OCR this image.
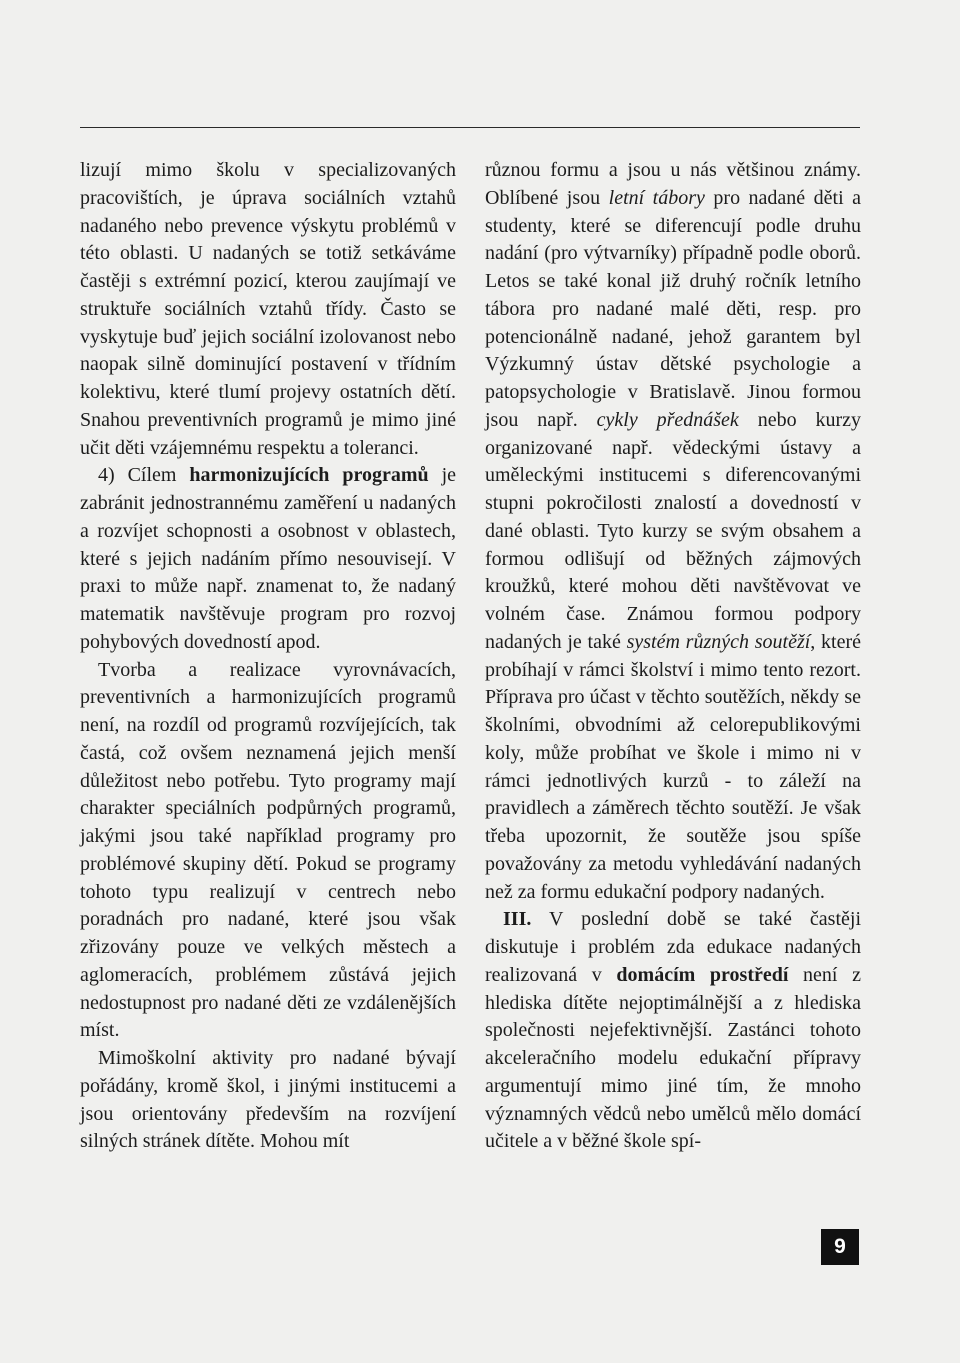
lizují mimo školu v specializovaných pracovištích, je úprava sociálních vztahů nadaného nebo prevence výskytu problémů v této oblasti. U nadaných se totiž setkáváme častěji s extrémní pozicí, kterou zaujímají ve struktuře sociálních vztahů třídy. Často se vyskytuje buď jejich sociální izolovanost nebo naopak silně dominující postavení v třídním kolektivu, které tlumí projevy ostatních dětí. Snahou preventivních programů je mimo jiné učit děti vzájemnému respektu a toleranci.

4) Cílem harmonizujících programů je zabránit jednostrannému zaměření u nadaných a rozvíjet schopnosti a osobnost v oblastech, které s jejich nadáním přímo nesouvisejí. V praxi to může např. znamenat to, že nadaný matematik navštěvuje program pro rozvoj pohybových dovedností apod.

Tvorba a realizace vyrovnávacích, preventivních a harmonizujících programů není, na rozdíl od programů rozvíjejících, tak častá, což ovšem neznamená jejich menší důležitost nebo potřebu. Tyto programy mají charakter speciálních podpůrných programů, jakými jsou také například programy pro problémové skupiny dětí. Pokud se programy tohoto typu realizují v centrech nebo poradnách pro nadané, které jsou však zřizovány pouze ve velkých městech a aglomeracích, problémem zůstává jejich nedostupnost pro nadané děti ze vzdálenějších míst.

Mimoškolní aktivity pro nadané bývají pořádány, kromě škol, i jinými institucemi a jsou orientovány především na rozvíjení silných stránek dítěte. Mohou mít

různou formu a jsou u nás většinou známy. Oblíbené jsou letní tábory pro nadané děti a studenty, které se diferencují podle druhu nadání (pro výtvarníky) případně podle oborů. Letos se také konal již druhý ročník letního tábora pro nadané malé děti, resp. pro potencionálně nadané, jehož garantem byl Výzkumný ústav dětské psychologie a patopsychologie v Bratislavě. Jinou formou jsou např. cykly přednášek nebo kurzy organizované např. vědeckými ústavy a uměleckými institucemi s diferencovanými stupni pokročilosti znalostí a dovedností v dané oblasti. Tyto kurzy se svým obsahem a formou odlišují od běžných zájmových kroužků, které mohou děti navštěvovat ve volném čase. Známou formou podpory nadaných je také systém různých soutěží, které probíhají v rámci školství i mimo tento rezort. Příprava pro účast v těchto soutěžích, někdy se školními, obvodními až celorepublikovými koly, může probíhat ve škole i mimo ni v rámci jednotlivých kurzů - to záleží na pravidlech a záměrech těchto soutěží. Je však třeba upozornit, že soutěže jsou spíše považovány za metodu vyhledávání nadaných než za formu edukační podpory nadaných.

III. V poslední době se také častěji diskutuje i problém zda edukace nadaných realizovaná v domácím prostředí není z hlediska dítěte nejoptimálnější a z hlediska společnosti nejefektivnější. Zastánci tohoto akceleračního modelu edukační přípravy argumentují mimo jiné tím, že mnoho významných vědců nebo umělců mělo domácí učitele a v běžné škole spí-

9
